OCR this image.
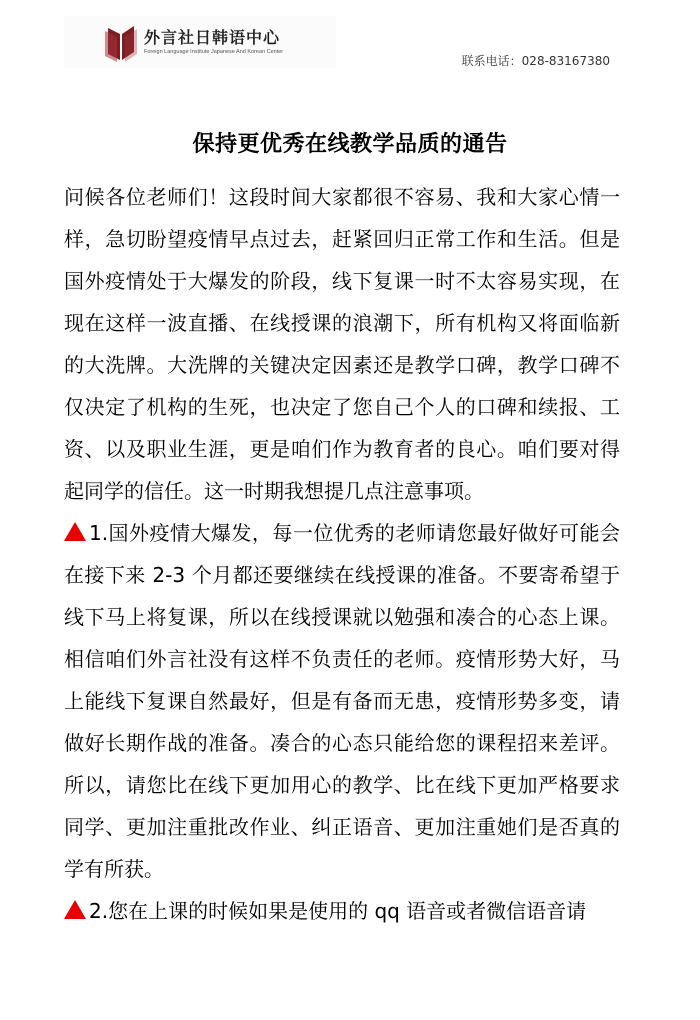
外言社日韩语中心
Foreign Language Institute Japanese And Korean Center
联系电话：028-83167380
保持更优秀在线教学品质的通告

问候各位老师们！这段时间大家都很不容易、我和大家心情一样，急切盼望疫情早点过去，赶紧回归正常工作和生活。但是国外疫情处于大爆发的阶段，线下复课一时不太容易实现，在现在这样一波直播、在线授课的浪潮下，所有机构又将面临新的大洗牌。大洗牌的关键决定因素还是教学口碑，教学口碑不仅决定了机构的生死，也决定了您自己个人的口碑和续报、工资、以及职业生涯，更是咱们作为教育者的良心。咱们要对得起同学的信任。这一时期我想提几点注意事项。

1.国外疫情大爆发，每一位优秀的老师请您最好做好可能会在接下来 2-3 个月都还要继续在线授课的准备。不要寄希望于线下马上将复课，所以在线授课就以勉强和凑合的心态上课。相信咱们外言社没有这样不负责任的老师。疫情形势大好，马上能线下复课自然最好，但是有备而无患，疫情形势多变，请做好长期作战的准备。凑合的心态只能给您的课程招来差评。所以，请您比在线下更加用心的教学、比在线下更加严格要求同学、更加注重批改作业、纠正语音、更加注重她们是否真的学有所获。

2.您在上课的时候如果是使用的 qq 语音或者微信语音请
